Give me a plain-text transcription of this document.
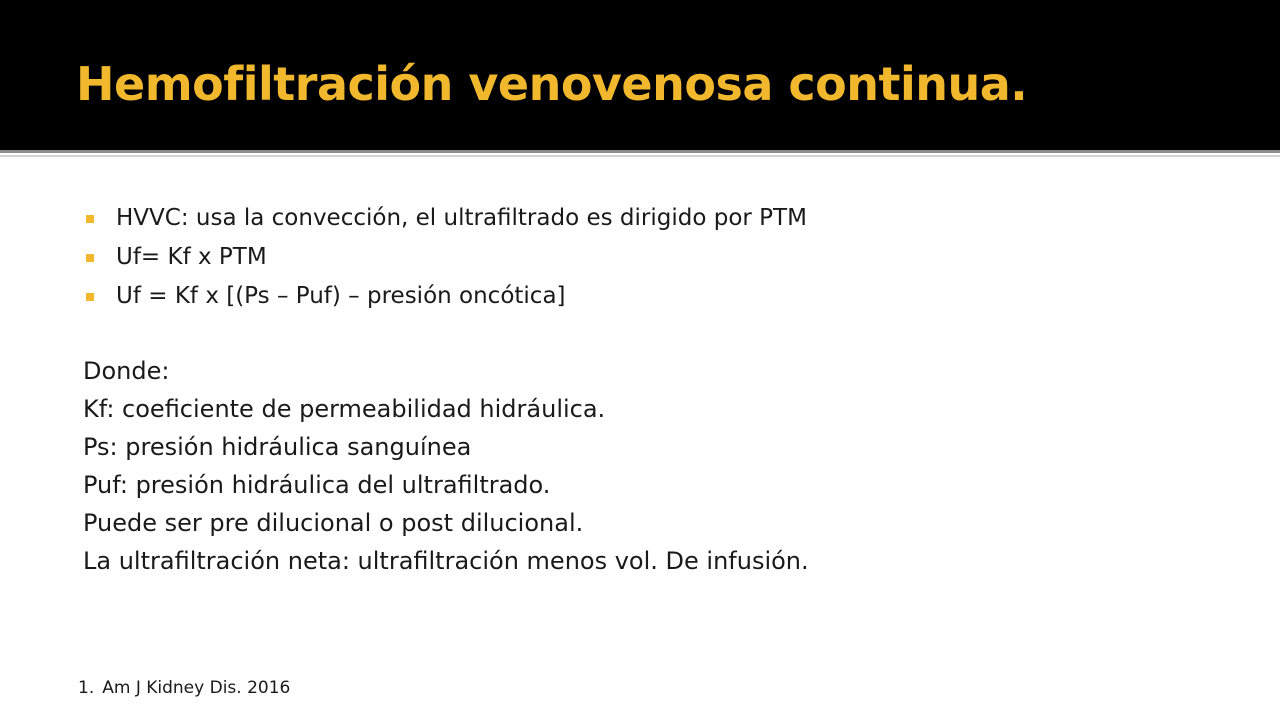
Hemofiltración venovenosa continua.
HVVC: usa la convección, el ultrafiltrado es dirigido por PTM
Uf= Kf x PTM
Uf = Kf x [(Ps – Puf) – presión oncótica]
Donde:
Kf: coeficiente de permeabilidad hidráulica.
Ps: presión hidráulica sanguínea
Puf: presión hidráulica del ultrafiltrado.
Puede ser pre dilucional o post dilucional.
La ultrafiltración neta: ultrafiltración menos vol. De infusión.
1. Am J Kidney Dis. 2016
